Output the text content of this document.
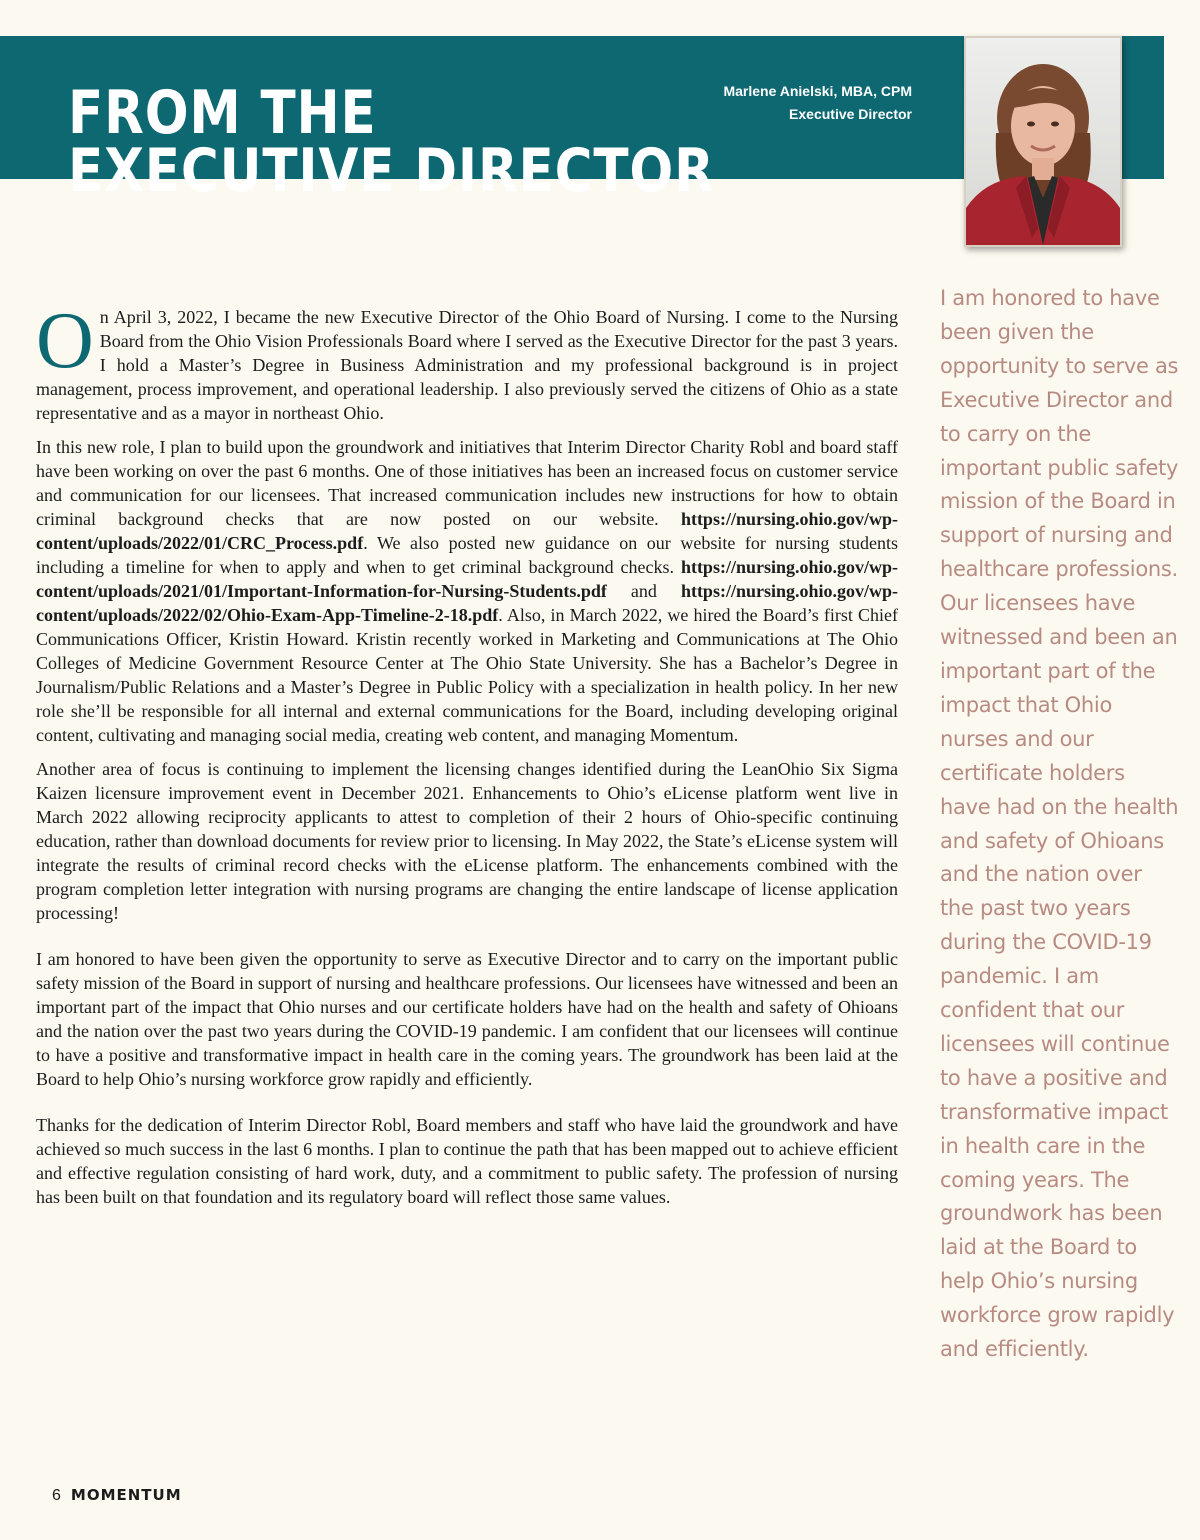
FROM THE
EXECUTIVE DIRECTOR
Marlene Anielski, MBA, CPM
Executive Director

On April 3, 2022, I became the new Executive Director of the Ohio Board of Nursing. I come to the Nursing Board from the Ohio Vision Professionals Board where I served as the Executive Director for the past 3 years. I hold a Master’s Degree in Business Administration and my professional background is in project management, process improvement, and operational leadership. I also previously served the citizens of Ohio as a state representative and as a mayor in northeast Ohio.

In this new role, I plan to build upon the groundwork and initiatives that Interim Director Charity Robl and board staff have been working on over the past 6 months. One of those initiatives has been an increased focus on customer service and communication for our licensees. That increased communication includes new instructions for how to obtain criminal background checks that are now posted on our website. https://nursing.ohio.gov/wp-content/uploads/2022/01/CRC_Process.pdf. We also posted new guidance on our website for nursing students including a timeline for when to apply and when to get criminal background checks. https://nursing.ohio.gov/wp-content/uploads/2021/01/Important-Information-for-Nursing-Students.pdf and https://nursing.ohio.gov/wp-content/uploads/2022/02/Ohio-Exam-App-Timeline-2-18.pdf. Also, in March 2022, we hired the Board’s first Chief Communications Officer, Kristin Howard. Kristin recently worked in Marketing and Communications at The Ohio Colleges of Medicine Government Resource Center at The Ohio State University. She has a Bachelor’s Degree in Journalism/Public Relations and a Master’s Degree in Public Policy with a specialization in health policy. In her new role she’ll be responsible for all internal and external communications for the Board, including developing original content, cultivating and managing social media, creating web content, and managing Momentum.

Another area of focus is continuing to implement the licensing changes identified during the LeanOhio Six Sigma Kaizen licensure improvement event in December 2021. Enhancements to Ohio’s eLicense platform went live in March 2022 allowing reciprocity applicants to attest to completion of their 2 hours of Ohio-specific continuing education, rather than download documents for review prior to licensing. In May 2022, the State’s eLicense system will integrate the results of criminal record checks with the eLicense platform. The enhancements combined with the program completion letter integration with nursing programs are changing the entire landscape of license application processing!

I am honored to have been given the opportunity to serve as Executive Director and to carry on the important public safety mission of the Board in support of nursing and healthcare professions. Our licensees have witnessed and been an important part of the impact that Ohio nurses and our certificate holders have had on the health and safety of Ohioans and the nation over the past two years during the COVID-19 pandemic. I am confident that our licensees will continue to have a positive and transformative impact in health care in the coming years. The groundwork has been laid at the Board to help Ohio’s nursing workforce grow rapidly and efficiently.

Thanks for the dedication of Interim Director Robl, Board members and staff who have laid the groundwork and have achieved so much success in the last 6 months. I plan to continue the path that has been mapped out to achieve efficient and effective regulation consisting of hard work, duty, and a commitment to public safety. The profession of nursing has been built on that foundation and its regulatory board will reflect those same values.

I am honored to have been given the opportunity to serve as Executive Director and to carry on the important public safety mission of the Board in support of nursing and healthcare professions. Our licensees have witnessed and been an important part of the impact that Ohio nurses and our certificate holders have had on the health and safety of Ohioans and the nation over the past two years during the COVID-19 pandemic. I am confident that our licensees will continue to have a positive and transformative impact in health care in the coming years. The groundwork has been laid at the Board to help Ohio’s nursing workforce grow rapidly and efficiently.
6 MOMENTUM
